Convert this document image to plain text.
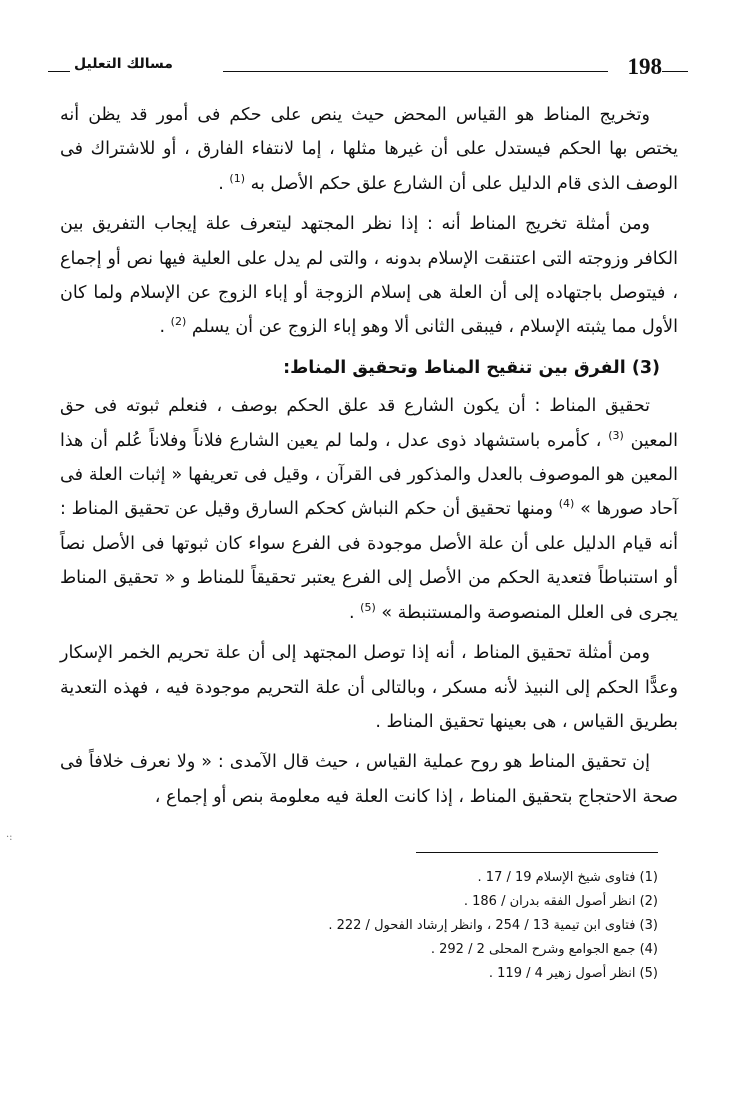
مسالك التعليل	198

وتخريج المناط هو القياس المحض حيث ينص على حكم فى أمور قد يظن أنه يختص بها الحكم فيستدل على أن غيرها مثلها ، إما لانتفاء الفارق ، أو للاشتراك فى الوصف الذى قام الدليل على أن الشارع علق حكم الأصل به $^{(1)}$ .

ومن أمثلة تخريج المناط أنه : إذا نظر المجتهد ليتعرف علة إيجاب التفريق بين الكافر وزوجته التى اعتنقت الإسلام بدونه ، والتى لم يدل على العلية فيها نص أو إجماع ، فيتوصل باجتهاده إلى أن العلة هى إسلام الزوجة أو إباء الزوج عن الإسلام ولما كان الأول مما يثبته الإسلام ، فيبقى الثانى ألا وهو إباء الزوج عن أن يسلم $^{(2)}$ .

(3) الفرق بين تنقيح المناط وتحقيق المناط:

تحقيق المناط : أن يكون الشارع قد علق الحكم بوصف ، فنعلم ثبوته فى حق المعين $^{(3)}$ ، كأمره باستشهاد ذوى عدل ، ولما لم يعين الشارع فلاناً وفلاناً عُلم أن هذا المعين هو الموصوف بالعدل والمذكور فى القرآن ، وقيل فى تعريفها « إثبات العلة فى آحاد صورها » $^{(4)}$ ومنها تحقيق أن حكم النباش كحكم السارق وقيل عن تحقيق المناط : أنه قيام الدليل على أن علة الأصل موجودة فى الفرع سواء كان ثبوتها فى الأصل نصاً أو استنباطاً فتعدية الحكم من الأصل إلى الفرع يعتبر تحقيقاً للمناط و « تحقيق المناط يجرى فى العلل المنصوصة والمستنبطة » $^{(5)}$ .

ومن أمثلة تحقيق المناط ، أنه إذا توصل المجتهد إلى أن علة تحريم الخمر الإسكار وعدًّا الحكم إلى النبيذ لأنه مسكر ، وبالتالى أن علة التحريم موجودة فيه ، فهذه التعدية بطريق القياس ، هى بعينها تحقيق المناط .

إن تحقيق المناط هو روح عملية القياس ، حيث قال الآمدى : « ولا نعرف خلافاً فى صحة الاحتجاج بتحقيق المناط ، إذا كانت العلة فيه معلومة بنص أو إجماع ،

(1) فتاوى شيخ الإسلام 19 / 17 .
(2) انظر أصول الفقه بدران / 186 .
(3) فتاوى ابن تيمية 13 / 254 ، وانظر إرشاد الفحول / 222 .
(4) جمع الجوامع وشرح المحلى 2 / 292 .
(5) انظر أصول زهير 4 / 119 .
·:
